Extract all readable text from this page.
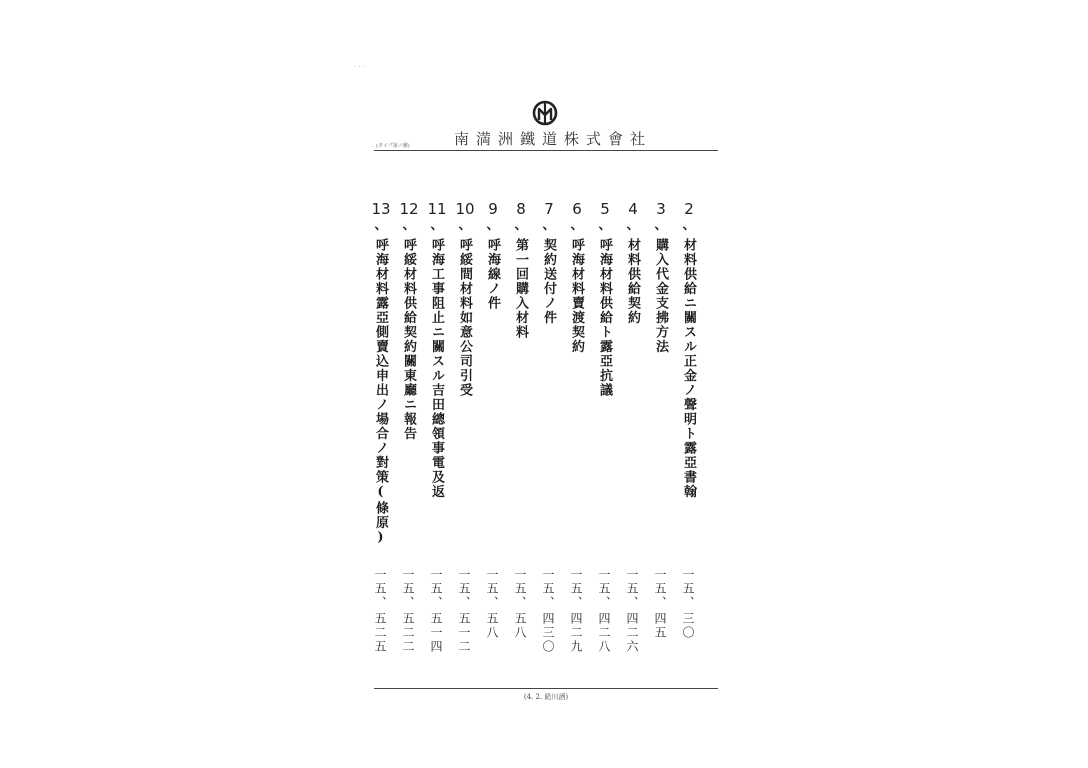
...
南満洲鐵道株式會社
(タイプ第ニ號)
2
、
材料供給ニ關スル正金ノ聲明ト露亞書翰
一五、
三〇
3
、
購入代金支拂方法
一五、
四五
4
、
材料供給契約
一五、
四二六
5
、
呼海材料供給ト露亞抗議
一五、
四二八
6
、
呼海材料賣渡契約
一五、
四二九
7
、
契約送付ノ件
一五、
四三〇
8
、
第一回購入材料
一五、
五八
9
、
呼海線ノ件
一五、
五八
10
、
呼綏間材料如意公司引受
一五、
五一二
11
、
呼海工事阻止ニ關スル吉田總領事電及返
一五、
五一四
12
、
呼綏材料供給契約關東廳ニ報告
一五、
五二二
13
、
呼海材料露亞側賣込申出ノ場合ノ對策(條原)
一五、
五二五
(4. 2. 鉛川酒)
